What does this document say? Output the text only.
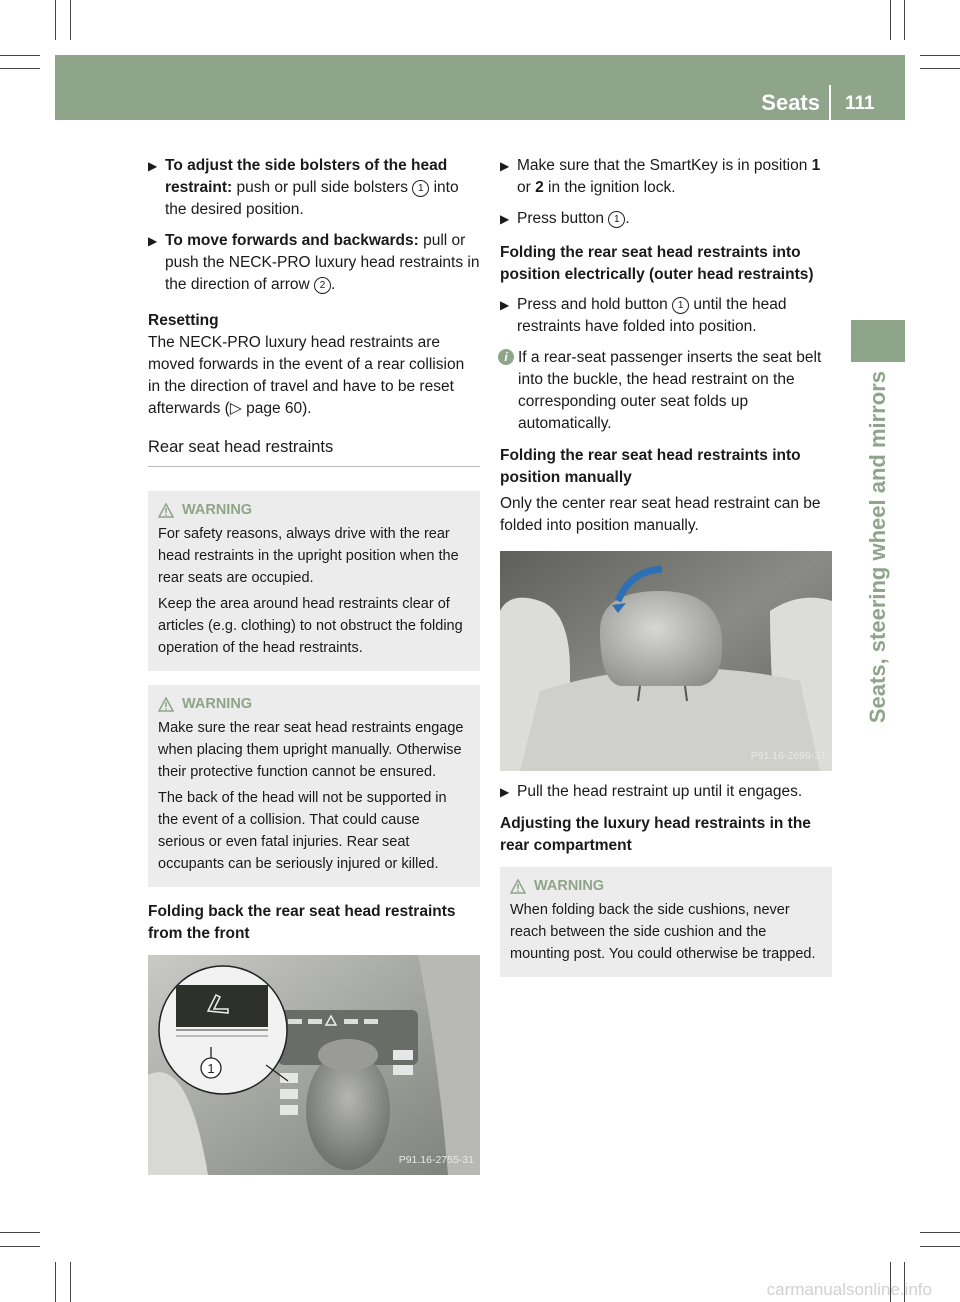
Seats 111
Seats, steering wheel and mirrors
▶ To adjust the side bolsters of the head restraint: push or pull side bolsters 1 into the desired position.
▶ To move forwards and backwards: pull or push the NECK-PRO luxury head restraints in the direction of arrow 2 .
Resetting
The NECK-PRO luxury head restraints are moved forwards in the event of a rear collision in the direction of travel and have to be reset afterwards (▷ page 60).
Rear seat head restraints
WARNING

For safety reasons, always drive with the rear head restraints in the upright position when the rear seats are occupied.

Keep the area around head restraints clear of articles (e.g. clothing) to not obstruct the folding operation of the head restraints.

WARNING

Make sure the rear seat head restraints engage when placing them upright manually. Otherwise their protective function cannot be ensured.

The back of the head will not be supported in the event of a collision. That could cause serious or even fatal injuries. Rear seat occupants can be seriously injured or killed.

Folding back the rear seat head restraints from the front
1
P91.16-2755-31
▶ Make sure that the SmartKey is in position 1 or 2 in the ignition lock.
▶ Press button 1 .
Folding the rear seat head restraints into position electrically (outer head restraints)
▶ Press and hold button 1 until the head restraints have folded into position.
i If a rear-seat passenger inserts the seat belt into the buckle, the head restraint on the corresponding outer seat folds up automatically.
Folding the rear seat head restraints into position manually
Only the center rear seat head restraint can be folded into position manually.
P91.16-2699-31
▶ Pull the head restraint up until it engages.
Adjusting the luxury head restraints in the rear compartment
WARNING

When folding back the side cushions, never reach between the side cushion and the mounting post. You could otherwise be trapped.

carmanualsonline.info
